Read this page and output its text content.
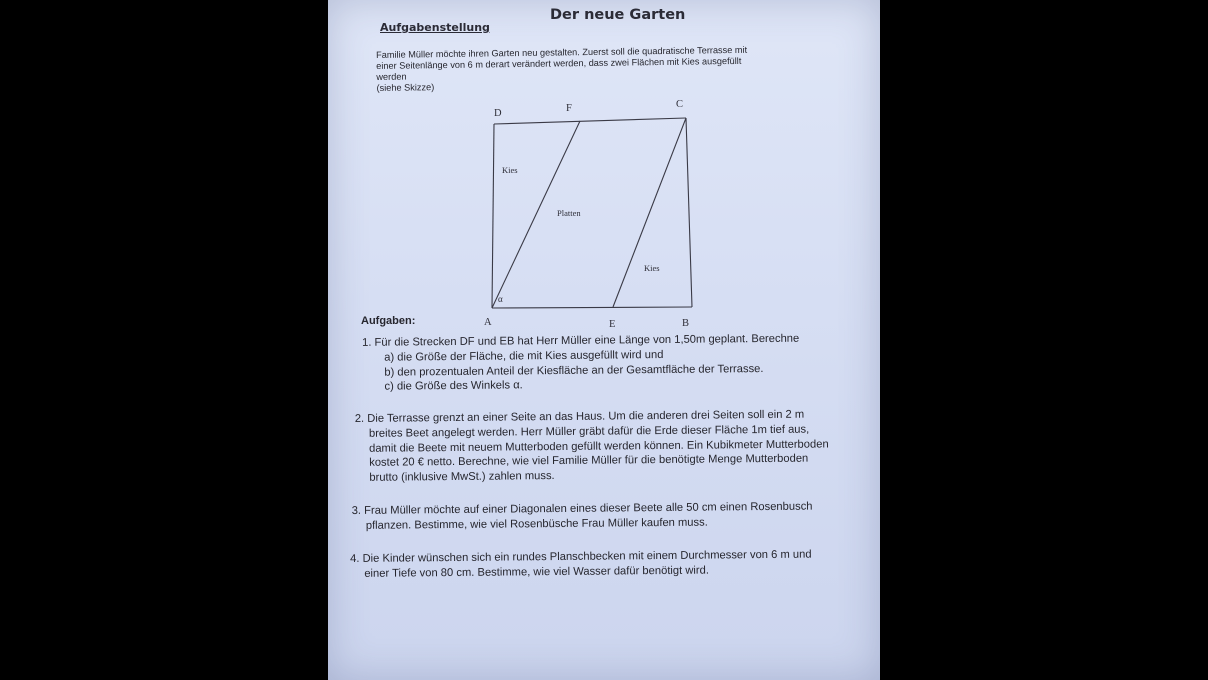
Aufgabenstellung
Der neue Garten
Familie Müller möchte ihren Garten neu gestalten. Zuerst soll die quadratische Terrasse mit
einer Seitenlänge von 6 m derart verändert werden, dass zwei Flächen mit Kies ausgefüllt
werden
(siehe Skizze)
D	F	C
A	E	B
α
Kies
Platten
Kies
Aufgaben:
1. Für die Strecken DF und EB hat Herr Müller eine Länge von 1,50m geplant. Berechne
a) die Größe der Fläche, die mit Kies ausgefüllt wird und
b) den prozentualen Anteil der Kiesfläche an der Gesamtfläche der Terrasse.
c) die Größe des Winkels α.
2. Die Terrasse grenzt an einer Seite an das Haus. Um die anderen drei Seiten soll ein 2 m
breites Beet angelegt werden. Herr Müller gräbt dafür die Erde dieser Fläche 1m tief aus,
damit die Beete mit neuem Mutterboden gefüllt werden können. Ein Kubikmeter Mutterboden
kostet 20 € netto. Berechne, wie viel Familie Müller für die benötigte Menge Mutterboden
brutto (inklusive MwSt.) zahlen muss.
3. Frau Müller möchte auf einer Diagonalen eines dieser Beete alle 50 cm einen Rosenbusch
pflanzen. Bestimme, wie viel Rosenbüsche Frau Müller kaufen muss.
4. Die Kinder wünschen sich ein rundes Planschbecken mit einem Durchmesser von 6 m und
einer Tiefe von 80 cm. Bestimme, wie viel Wasser dafür benötigt wird.
